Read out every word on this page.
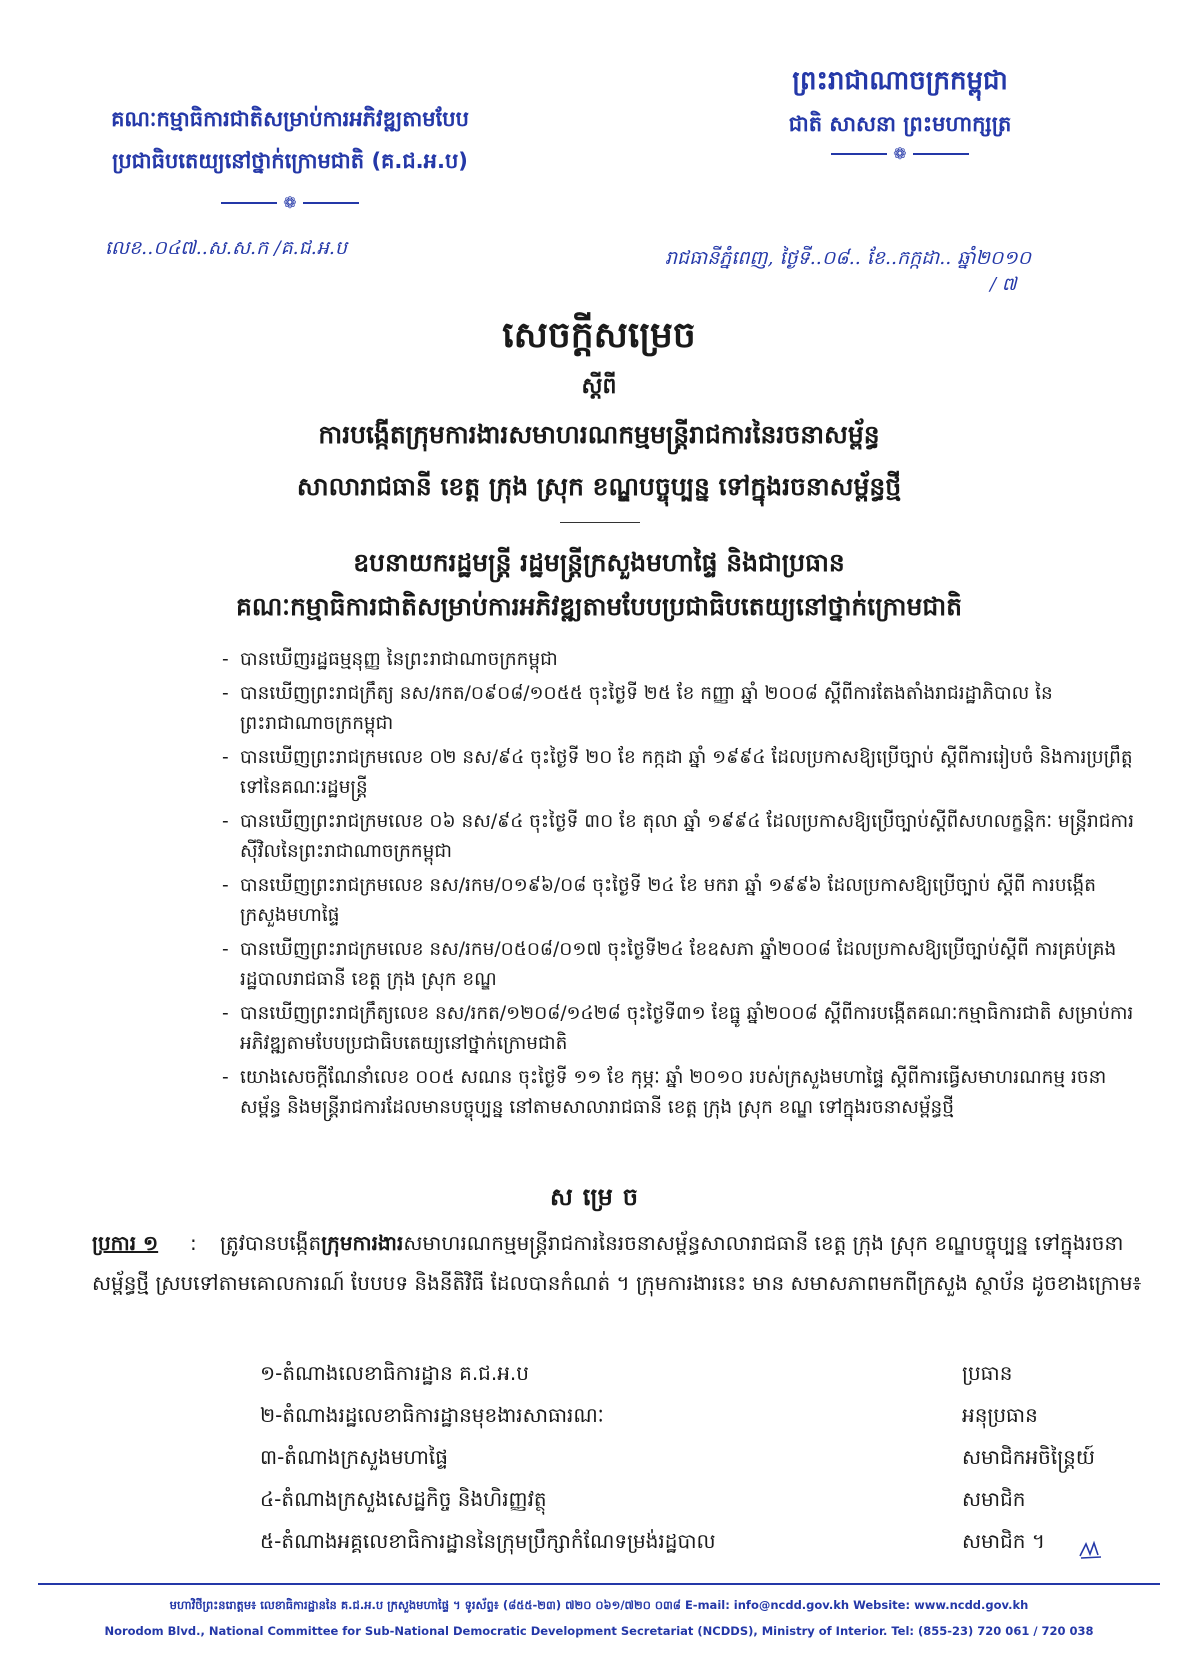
គណៈកម្មាធិការជាតិសម្រាប់ការអភិវឌ្ឍតាមបែប
ប្រជាធិបតេយ្យនៅថ្នាក់ក្រោមជាតិ (គ.ជ.អ.ប)
❁
ព្រះរាជាណាចក្រកម្ពុជា
ជាតិ សាសនា ព្រះមហាក្សត្រ
❁
លេខ..០៤៧..ស.ស.ក /គ.ជ.អ.ប	រាជធានីភ្នំពេញ, ថ្ងៃទី..០៨.. ខែ..កក្កដា.. ឆ្នាំ២០១០
/ ៧
សេចក្តីសម្រេច
ស្តីពី
ការបង្កើតក្រុមការងារសមាហរណកម្មមន្ត្រីរាជការនៃរចនាសម្ព័ន្ធ
សាលារាជធានី ខេត្ត ក្រុង ស្រុក ខណ្ឌបច្ចុប្បន្ន ទៅក្នុងរចនាសម្ព័ន្ធថ្មី
ឧបនាយករដ្ឋមន្ត្រី រដ្ឋមន្ត្រីក្រសួងមហាផ្ទៃ និងជាប្រធាន
គណៈកម្មាធិការជាតិសម្រាប់ការអភិវឌ្ឍតាមបែបប្រជាធិបតេយ្យនៅថ្នាក់ក្រោមជាតិ
- បានឃើញរដ្ឋធម្មនុញ្ញ នៃព្រះរាជាណាចក្រកម្ពុជា
- បានឃើញព្រះរាជក្រឹត្យ នស/រកត/០៩០៨/១០៥៥ ចុះថ្ងៃទី ២៥ ខែ កញ្ញា ឆ្នាំ ២០០៨ ស្តីពីការតែងតាំងរាជរដ្ឋាភិបាល នៃព្រះរាជាណាចក្រកម្ពុជា
- បានឃើញព្រះរាជក្រមលេខ ០២ នស/៩៤ ចុះថ្ងៃទី ២០ ខែ កក្កដា ឆ្នាំ ១៩៩៤ ដែលប្រកាសឱ្យប្រើច្បាប់ ស្តីពីការរៀបចំ និងការប្រព្រឹត្តទៅនៃគណៈរដ្ឋមន្ត្រី
- បានឃើញព្រះរាជក្រមលេខ ០៦ នស/៩៤ ចុះថ្ងៃទី ៣០ ខែ តុលា ឆ្នាំ ១៩៩៤ ដែលប្រកាសឱ្យប្រើច្បាប់ស្តីពីសហលក្ខន្តិកៈ មន្ត្រីរាជការស៊ីវិលនៃព្រះរាជាណាចក្រកម្ពុជា
- បានឃើញព្រះរាជក្រមលេខ នស/រកម/០១៩៦/០៨ ចុះថ្ងៃទី ២៤ ខែ មករា ឆ្នាំ ១៩៩៦ ដែលប្រកាសឱ្យប្រើច្បាប់ ស្តីពី ការបង្កើតក្រសួងមហាផ្ទៃ
- បានឃើញព្រះរាជក្រមលេខ នស/រកម/០៥០៨/០១៧ ចុះថ្ងៃទី២៤ ខែឧសភា ឆ្នាំ២០០៨ ដែលប្រកាសឱ្យប្រើច្បាប់ស្តីពី ការគ្រប់គ្រងរដ្ឋបាលរាជធានី ខេត្ត ក្រុង ស្រុក ខណ្ឌ
- បានឃើញព្រះរាជក្រឹត្យលេខ នស/រកត/១២០៨/១៤២៨ ចុះថ្ងៃទី៣១ ខែធ្នូ ឆ្នាំ២០០៨ ស្តីពីការបង្កើតគណៈកម្មាធិការជាតិ សម្រាប់ការអភិវឌ្ឍតាមបែបប្រជាធិបតេយ្យនៅថ្នាក់ក្រោមជាតិ
- យោងសេចក្តីណែនាំលេខ ០០៥ សណន ចុះថ្ងៃទី ១១ ខែ កុម្ភៈ ឆ្នាំ ២០១០ របស់ក្រសួងមហាផ្ទៃ ស្តីពីការធ្វើសមាហរណកម្ម រចនាសម្ព័ន្ធ និងមន្ត្រីរាជការដែលមានបច្ចុប្បន្ន នៅតាមសាលារាជធានី ខេត្ត ក្រុង ស្រុក ខណ្ឌ ទៅក្នុងរចនាសម្ព័ន្ធថ្មី
សម្រេច
ប្រការ ១ : ត្រូវបានបង្កើតក្រុមការងារសមាហរណកម្មមន្ត្រីរាជការនៃរចនាសម្ព័ន្ធសាលារាជធានី ខេត្ត ក្រុង ស្រុក ខណ្ឌបច្ចុប្បន្ន ទៅក្នុងរចនាសម្ព័ន្ធថ្មី ស្របទៅតាមគោលការណ៍ បែបបទ និងនីតិវិធី ដែលបានកំណត់ ។ ក្រុមការងារនេះ មាន សមាសភាពមកពីក្រសួង ស្ថាប័ន ដូចខាងក្រោម៖
១-តំណាងលេខាធិការដ្ឋាន គ.ជ.អ.ប	ប្រធាន
២-តំណាងរដ្ឋលេខាធិការដ្ឋានមុខងារសាធារណៈ	អនុប្រធាន
៣-តំណាងក្រសួងមហាផ្ទៃ	សមាជិកអចិន្ត្រៃយ៍
៤-តំណាងក្រសួងសេដ្ឋកិច្ច និងហិរញ្ញវត្ថុ	សមាជិក
៥-តំណាងអគ្គលេខាធិការដ្ឋាននៃក្រុមប្រឹក្សាកំណែទម្រង់រដ្ឋបាល	សមាជិក ។
មហាវិថីព្រះនរោត្តម៖ លេខាធិការដ្ឋាននៃ គ.ជ.អ.ប ក្រសួងមហាផ្ទៃ ។ ទូរស័ព្ទ៖ (៨៥៥-២៣) ៧២០ ០៦១/៧២០ ០៣៨ E-mail: info@ncdd.gov.kh Website: www.ncdd.gov.kh
Norodom Blvd., National Committee for Sub-National Democratic Development Secretariat (NCDDS), Ministry of Interior. Tel: (855-23) 720 061 / 720 038
